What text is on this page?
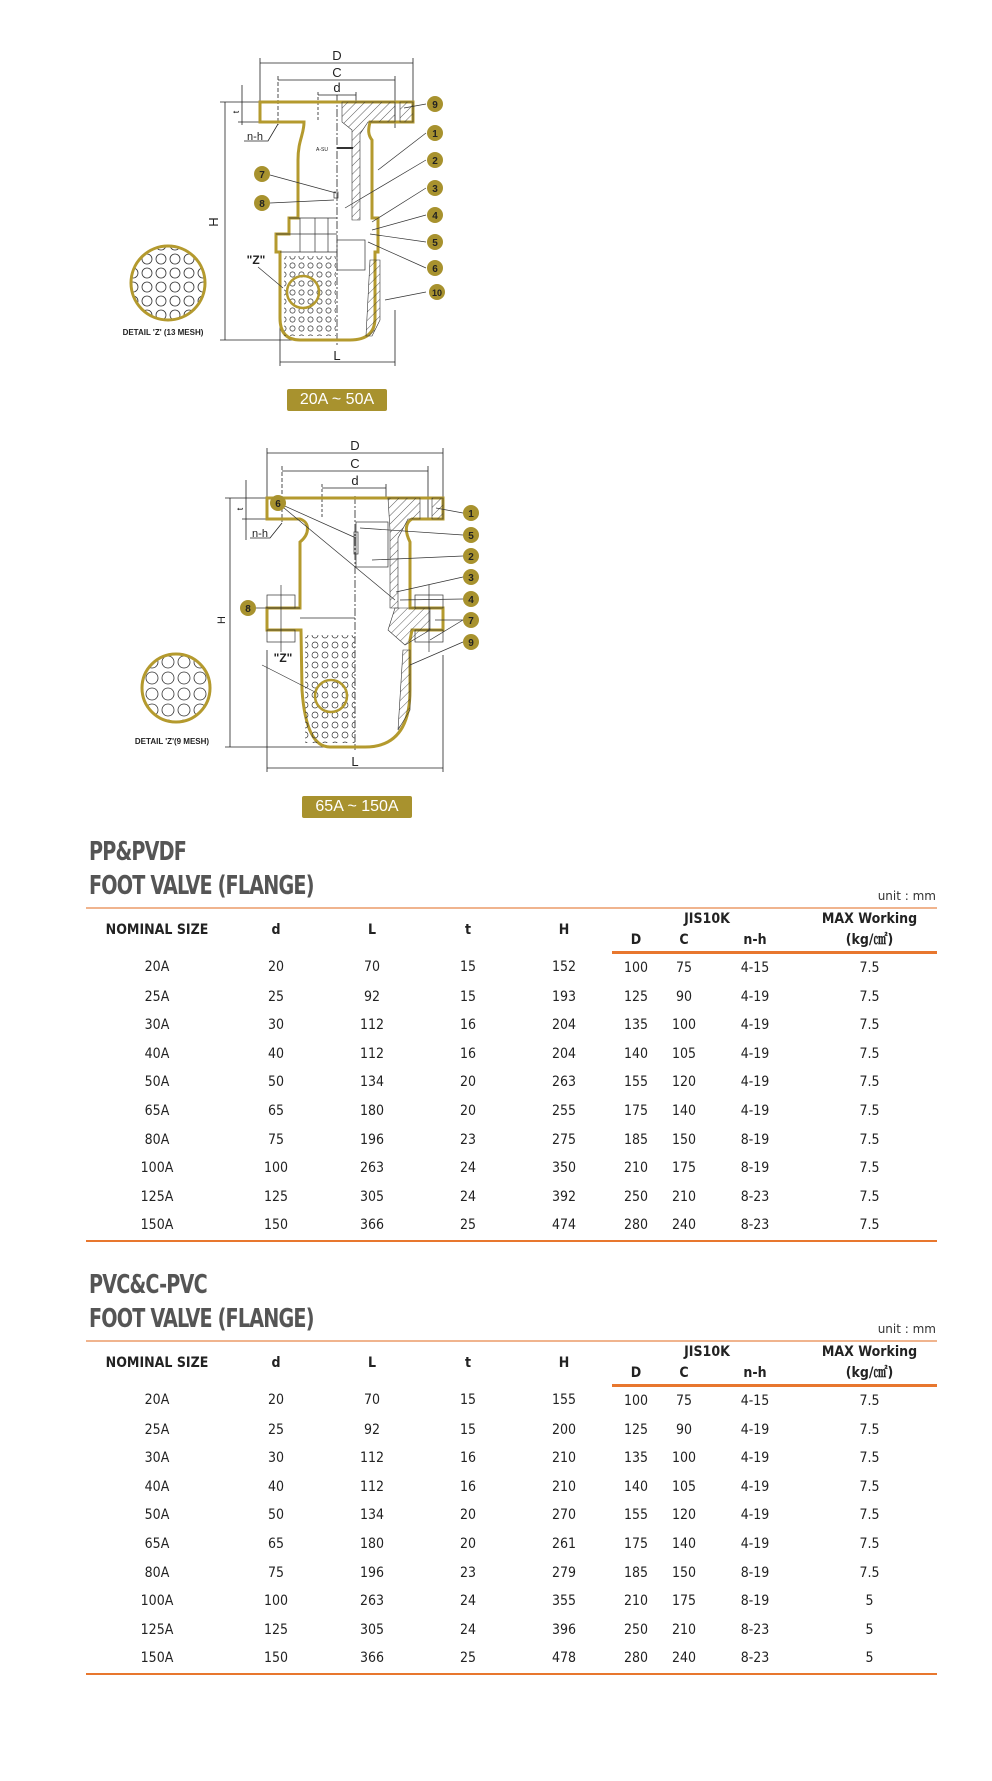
9
1
2
3
4
5
6
10
7
8
D
C
d
L
H
t
n-h
"Z"
A-SU
DETAIL 'Z' (13 MESH)
20A ~ 50A
1
5
2
3
4
7
9
6
8
D
C
d
L
H
t
n-h
"Z"
DETAIL 'Z'(9 MESH)
65A ~ 150A
PP&PVDF
FOOT VALVE (FLANGE)	unit : mm
NOMINAL SIZE	d	L	t	H	JIS10K			MAX Working
					D	C	n-h	(kg/㎠)
20A	20	70	15	152	100	75	4-15	7.5
25A	25	92	15	193	125	90	4-19	7.5
30A	30	112	16	204	135	100	4-19	7.5
40A	40	112	16	204	140	105	4-19	7.5
50A	50	134	20	263	155	120	4-19	7.5
65A	65	180	20	255	175	140	4-19	7.5
80A	75	196	23	275	185	150	8-19	7.5
100A	100	263	24	350	210	175	8-19	7.5
125A	125	305	24	392	250	210	8-23	7.5
150A	150	366	25	474	280	240	8-23	7.5
PVC&C-PVC
FOOT VALVE (FLANGE)	unit : mm
NOMINAL SIZE	d	L	t	H	JIS10K			MAX Working
					D	C	n-h	(kg/㎠)
20A	20	70	15	155	100	75	4-15	7.5
25A	25	92	15	200	125	90	4-19	7.5
30A	30	112	16	210	135	100	4-19	7.5
40A	40	112	16	210	140	105	4-19	7.5
50A	50	134	20	270	155	120	4-19	7.5
65A	65	180	20	261	175	140	4-19	7.5
80A	75	196	23	279	185	150	8-19	7.5
100A	100	263	24	355	210	175	8-19	5
125A	125	305	24	396	250	210	8-23	5
150A	150	366	25	478	280	240	8-23	5
